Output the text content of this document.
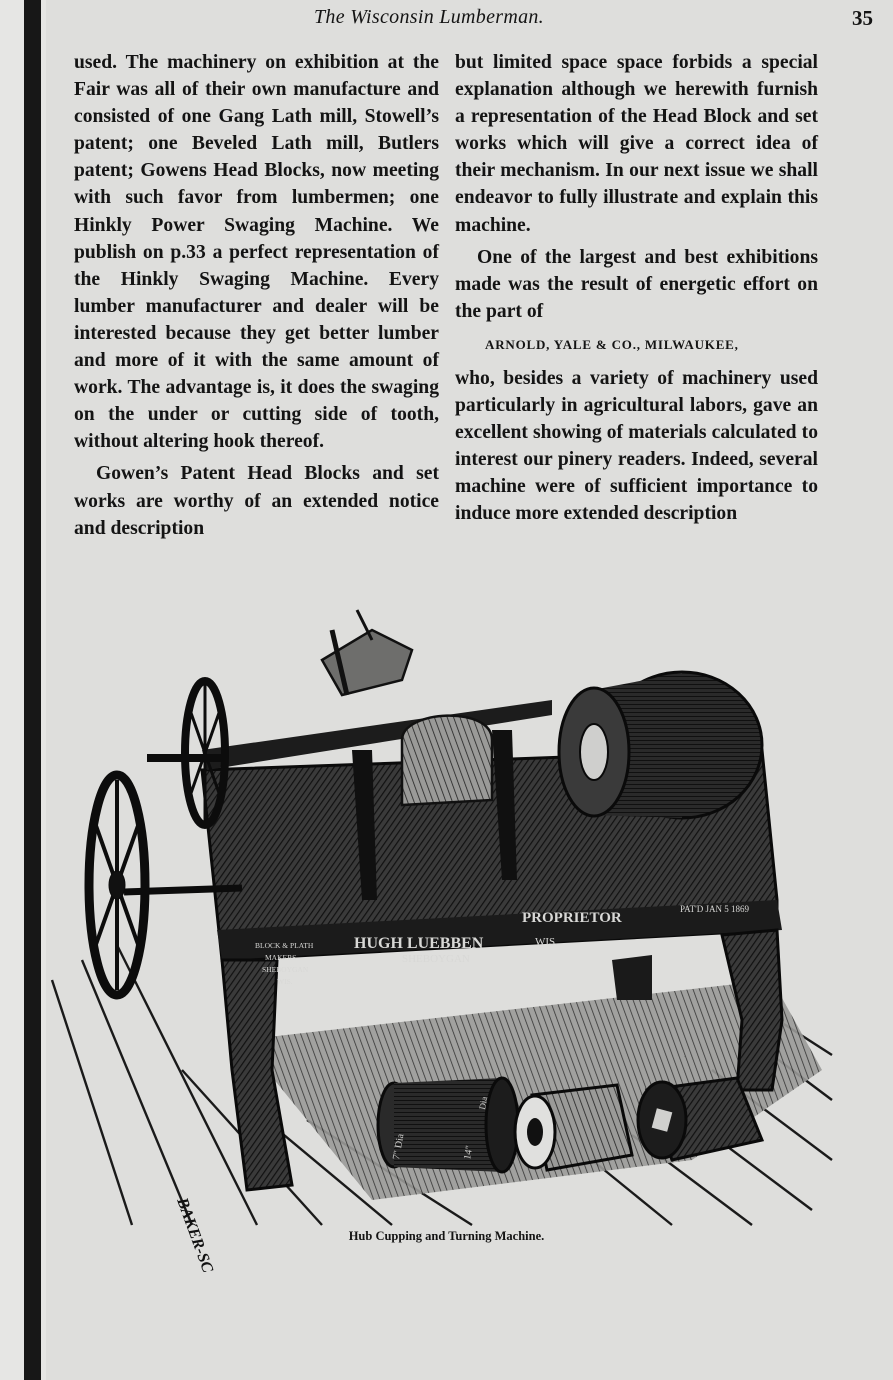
The Wisconsin Lumberman.	35

used. The machinery on exhibition at the Fair was all of their own manufacture and consisted of one Gang Lath mill, Stowell’s patent; one Beveled Lath mill, Butlers patent; Gowens Head Blocks, now meeting with such favor from lumbermen; one Hinkly Power Swaging Machine. We publish on p.33 a perfect representation of the Hinkly Swaging Machine. Every lumber manufacturer and dealer will be interested because they get better lumber and more of it with the same amount of work. The advantage is, it does the swaging on the under or cutting side of tooth, without altering hook thereof.

Gowen’s Patent Head Blocks and set works are worthy of an extended notice and description

but limited space space forbids a special explanation although we herewith furnish a representation of the Head Block and set works which will give a correct idea of their mechanism. In our next issue we shall endeavor to fully illustrate and explain this machine.

One of the largest and best exhibitions made was the result of energetic effort on the part of

ARNOLD, YALE & CO., MILWAUKEE,

who, besides a variety of machinery used particularly in agricultural labors, gave an excellent showing of materials calculated to interest our pinery readers. Indeed, several machine were of sufficient importance to induce more extended description

HUGH LUEBBEN
SHEBOYGAN
PROPRIETOR
WIS.
PAT'D JAN 5 1869
BLOCK & PLATH
MAKERS
SHEBOYGAN
WIS.
7" Dia	14"
Dia
BAKER-SC	Hub Cupping and Turning Machine.
